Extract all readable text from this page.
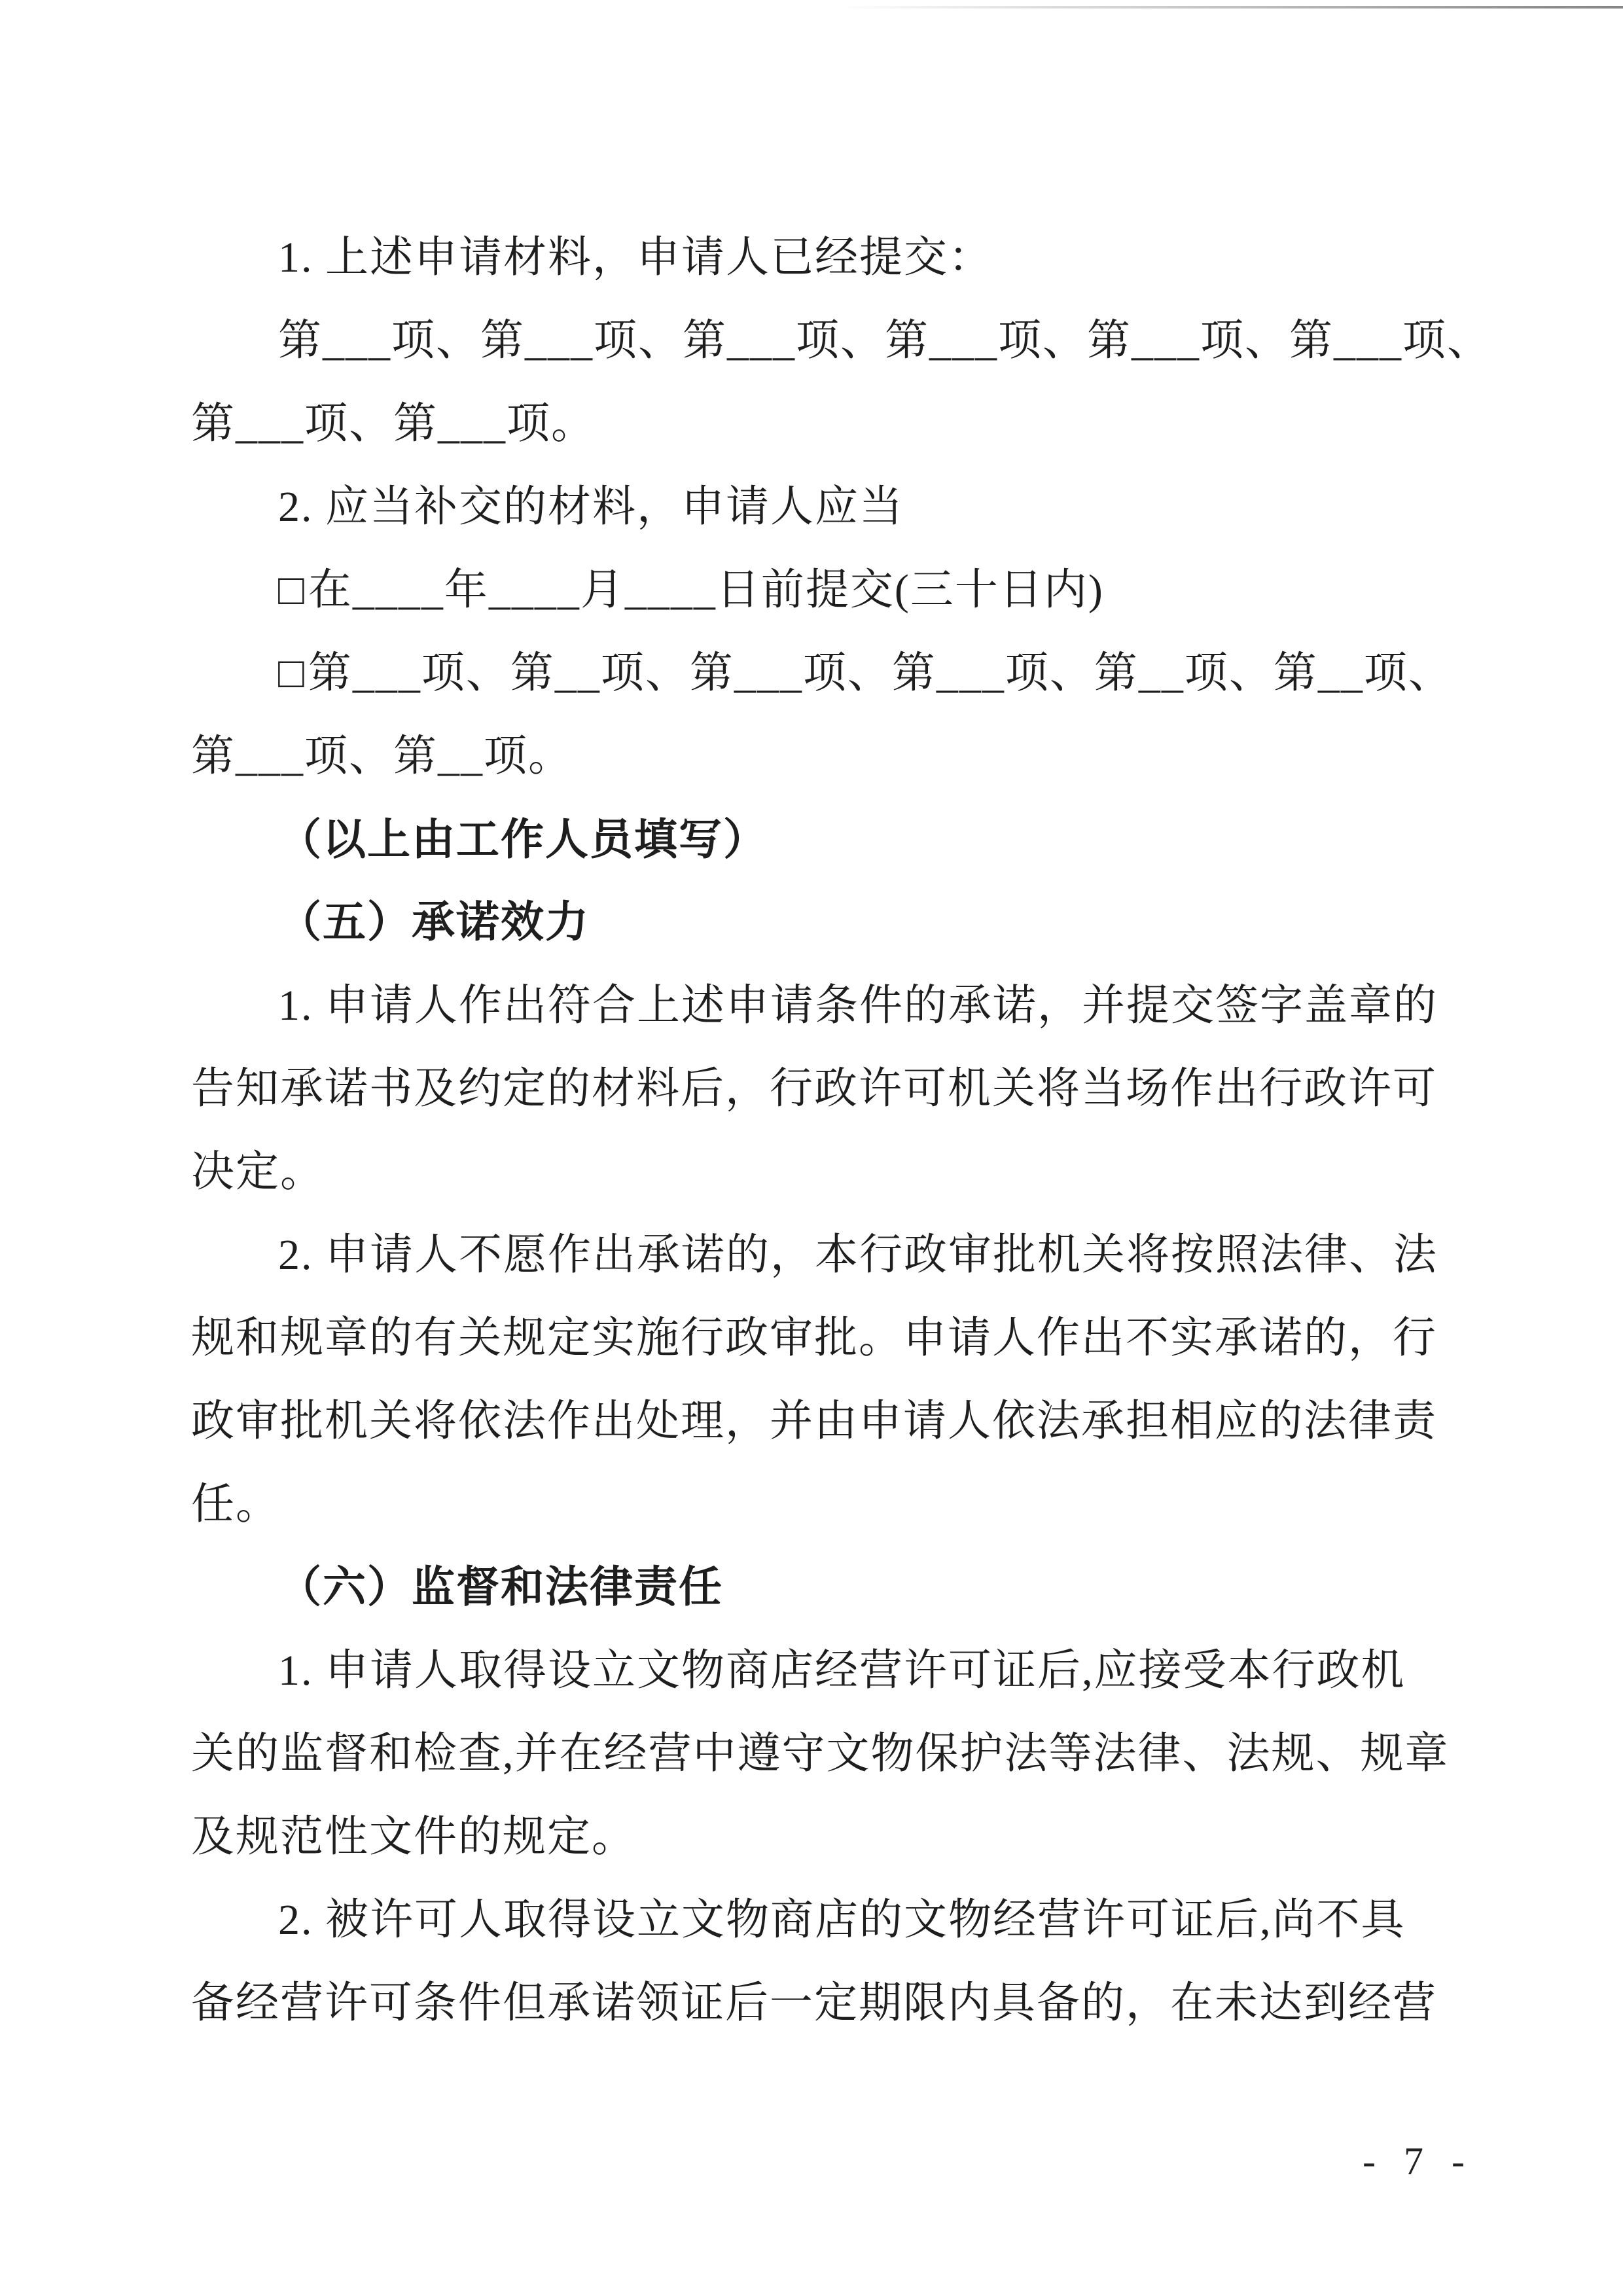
1. 上述申请材料，申请人已经提交：

第___项、第___项、第___项、第___项、第___项、第___项、

第___项、第___项。

2. 应当补交的材料，申请人应当

□在____年____月____日前提交(三十日内)

□第___项、第__项、第___项、第___项、第__项、第__项、

第___项、第__项。

（以上由工作人员填写）

（五）承诺效力

1. 申请人作出符合上述申请条件的承诺，并提交签字盖章的

告知承诺书及约定的材料后，行政许可机关将当场作出行政许可

决定。

2. 申请人不愿作出承诺的，本行政审批机关将按照法律、法

规和规章的有关规定实施行政审批。申请人作出不实承诺的，行

政审批机关将依法作出处理，并由申请人依法承担相应的法律责

任。

（六）监督和法律责任

1. 申请人取得设立文物商店经营许可证后,应接受本行政机

关的监督和检查,并在经营中遵守文物保护法等法律、法规、规章

及规范性文件的规定。

2. 被许可人取得设立文物商店的文物经营许可证后,尚不具

备经营许可条件但承诺领证后一定期限内具备的，在未达到经营

- 7 -
